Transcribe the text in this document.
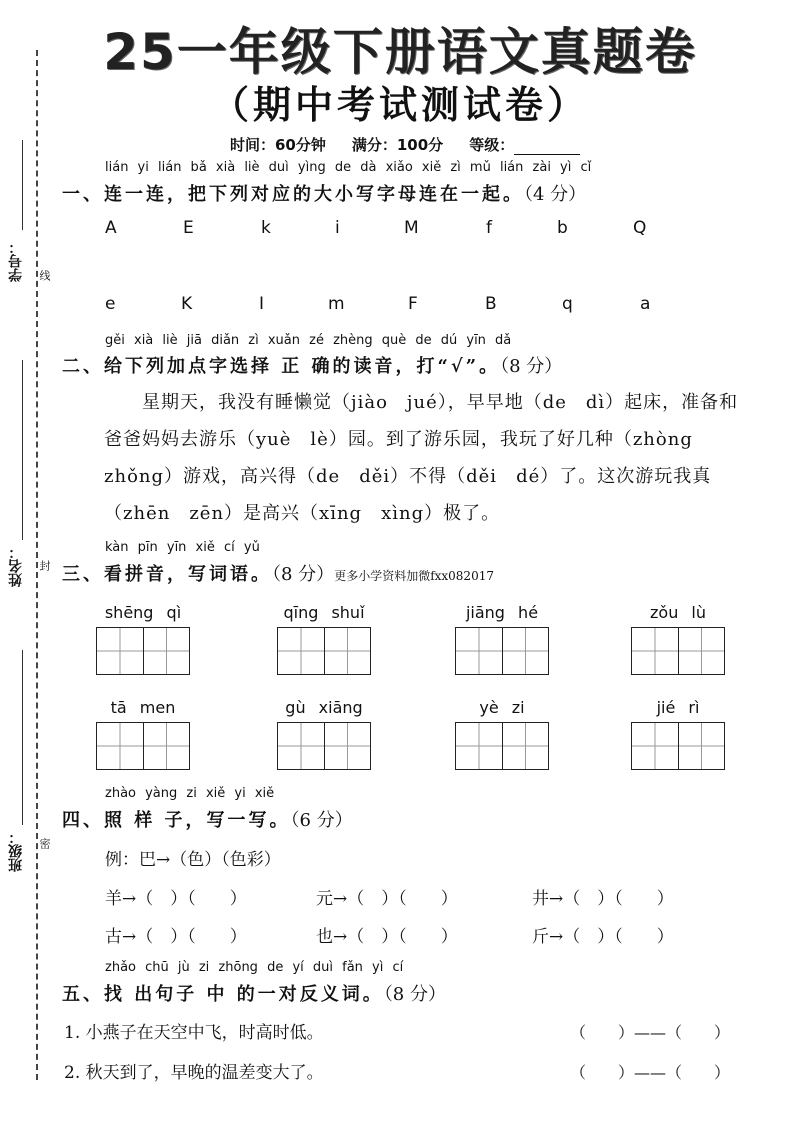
学号： 线
姓名： 封
班级： 密
25一年级下册语文真题卷
（期中考试测试卷）
时间：60分钟 满分：100分 等级：
lián yi lián bǎ xià liè duì yìng de dà xiǎo xiě zì mǔ lián zài yì cǐ
一、连一连，把下列对应的大小写字母连在一起。（4 分）
A	E	k	i	M	f	b	Q
e	K	I	m	F	B	q	a
gěi xià liè jiā diǎn zì xuǎn zé zhèng què de dú yīn dǎ
二、给下列加点字选择 正 确的读音，打“√”。（8 分）
星期天，我没有睡懒觉（jiào　jué），早早地（de　dì）起床，准备和爸爸妈妈去游乐（yuè　lè）园。到了游乐园，我玩了好几种（zhòng　zhǒng）游戏，高兴得（de　děi）不得（děi　dé）了。这次游玩我真（zhēn　zēn）是高兴（xīng　xìng）极了。
kàn pīn yīn xiě cí yǔ
三、看拼音，写词语。（8 分）更多小学资料加微fxx082017
shēng qì	qīng shuǐ	jiāng hé	zǒu lù
tā men	gù xiāng	yè zi	jié rì
zhào yàng zi xiě yi xiě
四、照 样 子，写一写。（6 分）
例：巴→（色）（色彩）
羊→（　）（　　）	元→（　）（　　）	井→（　）（　　）
古→（　）（　　）	也→（　）（　　）	斤→（　）（　　）
zhǎo chū jù zi zhōng de yí duì fǎn yì cí
五、找 出句子 中 的一对反义词。（8 分）
1. 小燕子在天空中飞，时高时低。	（　　）——（　　）
2. 秋天到了，早晚的温差变大了。	（　　）——（　　）
